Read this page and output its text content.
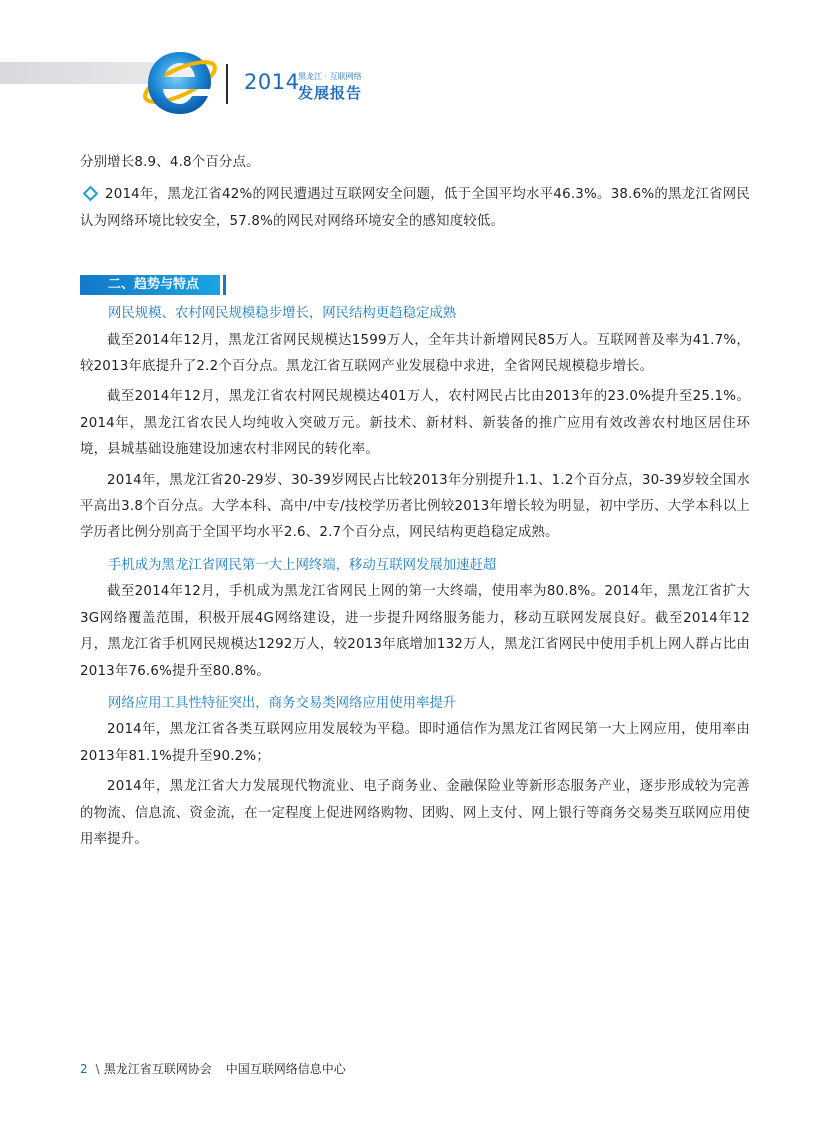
2014
黑龙江 · 互联网络
发展报告

分别增长8.9、4.8个百分点。

2014年，黑龙江省42%的网民遭遇过互联网安全问题，低于全国平均水平46.3%。38.6%的黑龙江省网民认为网络环境比较安全，57.8%的网民对网络环境安全的感知度较低。

二、趋势与特点
网民规模、农村网民规模稳步增长，网民结构更趋稳定成熟

截至2014年12月，黑龙江省网民规模达1599万人，全年共计新增网民85万人。互联网普及率为41.7%，较2013年底提升了2.2个百分点。黑龙江省互联网产业发展稳中求进，全省网民规模稳步增长。

截至2014年12月，黑龙江省农村网民规模达401万人，农村网民占比由2013年的23.0%提升至25.1%。2014年，黑龙江省农民人均纯收入突破万元。新技术、新材料、新装备的推广应用有效改善农村地区居住环境，县城基础设施建设加速农村非网民的转化率。

2014年，黑龙江省20-29岁、30-39岁网民占比较2013年分别提升1.1、1.2个百分点，30-39岁较全国水平高出3.8个百分点。大学本科、高中/中专/技校学历者比例较2013年增长较为明显，初中学历、大学本科以上学历者比例分别高于全国平均水平2.6、2.7个百分点，网民结构更趋稳定成熟。

手机成为黑龙江省网民第一大上网终端，移动互联网发展加速赶超

截至2014年12月，手机成为黑龙江省网民上网的第一大终端，使用率为80.8%。2014年，黑龙江省扩大3G网络覆盖范围，积极开展4G网络建设，进一步提升网络服务能力，移动互联网发展良好。截至2014年12月，黑龙江省手机网民规模达1292万人，较2013年底增加132万人，黑龙江省网民中使用手机上网人群占比由2013年76.6%提升至80.8%。

网络应用工具性特征突出，商务交易类网络应用使用率提升

2014年，黑龙江省各类互联网应用发展较为平稳。即时通信作为黑龙江省网民第一大上网应用，使用率由2013年81.1%提升至90.2%；

2014年，黑龙江省大力发展现代物流业、电子商务业、金融保险业等新形态服务产业，逐步形成较为完善的物流、信息流、资金流，在一定程度上促进网络购物、团购、网上支付、网上银行等商务交易类互联网应用使用率提升。

2 \ 黑龙江省互联网协会 中国互联网络信息中心
